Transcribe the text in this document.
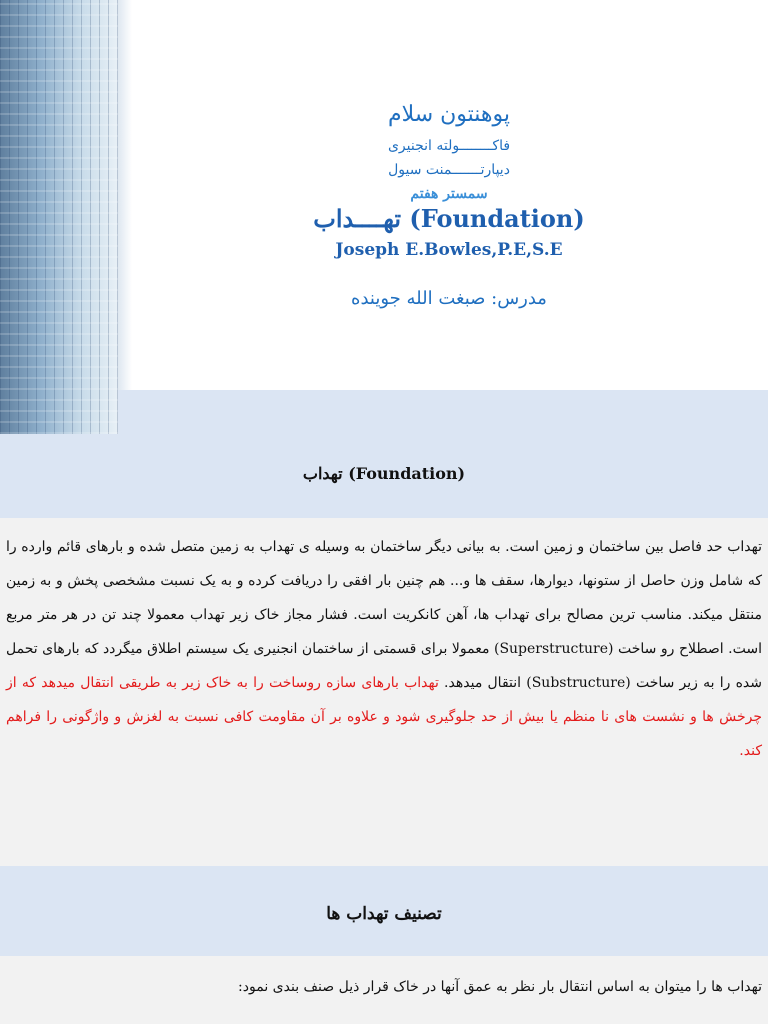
پوهنتون سلام
فاکــــــــولته انجنیری
دیپارتـــــــمنت سیول
سمستر هفتم
تهــــداب (Foundation)
Joseph E.Bowles,P.E,S.E
مدرس: صبغت الله جوینده
تهداب (Foundation)
تهداب حد فاصل بین ساختمان و زمین است. به بیانی دیگر ساختمان به وسیله ی تهداب به زمین متصل شده و بارهای قائم وارده را که شامل وزن حاصل از ستونها، دیوارها، سقف ها و... هم چنین بار افقی را دریافت کرده و به یک نسبت مشخصی پخش و به زمین منتقل میکند. مناسب ترین مصالح برای تهداب ها، آهن کانکریت است. فشار مجاز خاک زیر تهداب معمولا چند تن در هر متر مربع است. اصطلاح رو ساخت (Superstructure) معمولا برای قسمتی از ساختمان انجنیری یک سیستم اطلاق میگردد که بارهای تحمل شده را به زیر ساخت (Substructure) انتقال میدهد. تهداب بارهای سازه روساخت را به خاک زیر به طریقی انتقال میدهد که از چرخش ها و نشست های نا منظم یا بیش از حد جلوگیری شود و علاوه بر آن مقاومت کافی نسبت به لغزش و واژگونی را فراهم کند.
تصنیف تهداب ها
تهداب ها را میتوان به اساس انتقال بار نظر به عمق آنها در خاک قرار ذیل صنف بندی نمود:
